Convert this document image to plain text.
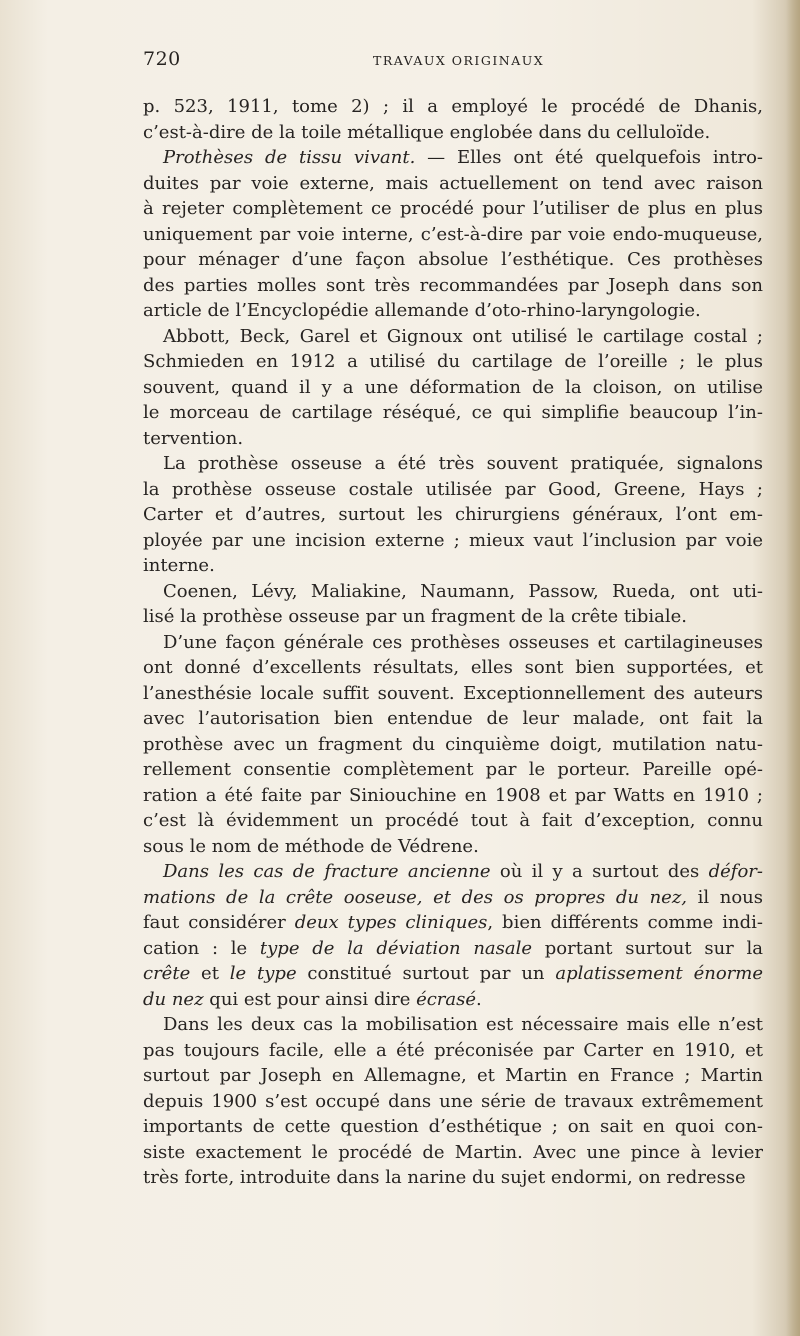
720	TRAVAUX ORIGINAUX
p. 523, 1911, tome 2) ; il a employé le procédé de Dhanis,
c’est-à-dire de la toile métallique englobée dans du celluloïde.
Prothèses de tissu vivant. — Elles ont été quelquefois intro-
duites par voie externe, mais actuellement on tend avec raison
à rejeter complètement ce procédé pour l’utiliser de plus en plus
uniquement par voie interne, c’est-à-dire par voie endo-muqueuse,
pour ménager d’une façon absolue l’esthétique. Ces prothèses
des parties molles sont très recommandées par Joseph dans son
article de l’Encyclopédie allemande d’oto-rhino-laryngologie.
Abbott, Beck, Garel et Gignoux ont utilisé le cartilage costal ;
Schmieden en 1912 a utilisé du cartilage de l’oreille ; le plus
souvent, quand il y a une déformation de la cloison, on utilise
le morceau de cartilage réséqué, ce qui simplifie beaucoup l’in-
tervention.
La prothèse osseuse a été très souvent pratiquée, signalons
la prothèse osseuse costale utilisée par Good, Greene, Hays ;
Carter et d’autres, surtout les chirurgiens généraux, l’ont em-
ployée par une incision externe ; mieux vaut l’inclusion par voie
interne.
Coenen, Lévy, Maliakine, Naumann, Passow, Rueda, ont uti-
lisé la prothèse osseuse par un fragment de la crête tibiale.
D’une façon générale ces prothèses osseuses et cartilagineuses
ont donné d’excellents résultats, elles sont bien supportées, et
l’anesthésie locale suffit souvent. Exceptionnellement des auteurs
avec l’autorisation bien entendue de leur malade, ont fait la
prothèse avec un fragment du cinquième doigt, mutilation natu-
rellement consentie complètement par le porteur. Pareille opé-
ration a été faite par Siniouchine en 1908 et par Watts en 1910 ;
c’est là évidemment un procédé tout à fait d’exception, connu
sous le nom de méthode de Védrene.
Dans les cas de fracture ancienne où il y a surtout des défor-
mations de la crête ooseuse, et des os propres du nez, il nous
faut considérer deux types cliniques, bien différents comme indi-
cation : le type de la déviation nasale portant surtout sur la
crête et le type constitué surtout par un aplatissement énorme
du nez qui est pour ainsi dire écrasé.
Dans les deux cas la mobilisation est nécessaire mais elle n’est
pas toujours facile, elle a été préconisée par Carter en 1910, et
surtout par Joseph en Allemagne, et Martin en France ; Martin
depuis 1900 s’est occupé dans une série de travaux extrêmement
importants de cette question d’esthétique ; on sait en quoi con-
siste exactement le procédé de Martin. Avec une pince à levier
très forte, introduite dans la narine du sujet endormi, on redresse
